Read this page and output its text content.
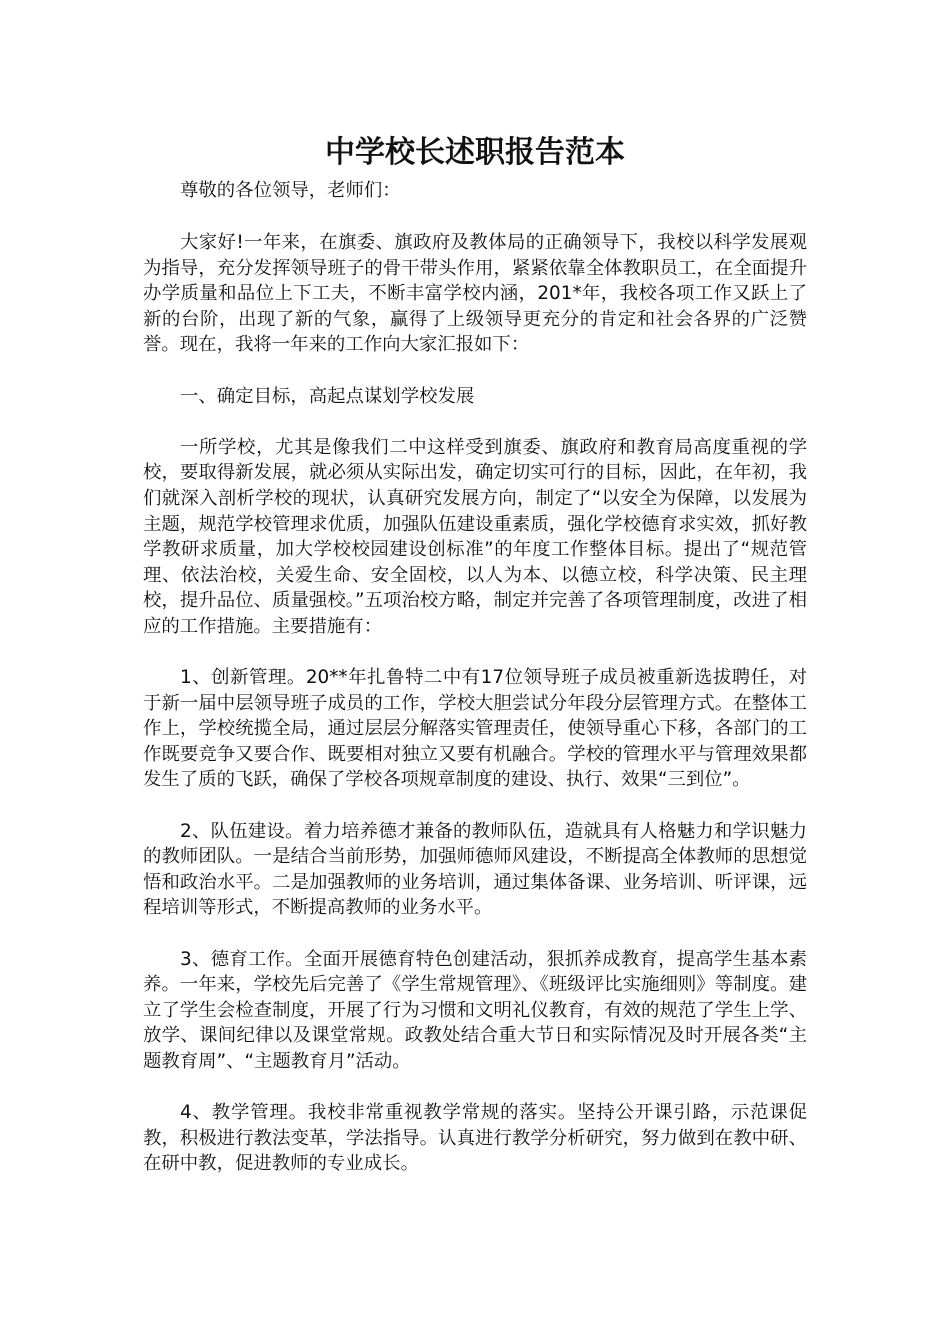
中学校长述职报告范本

尊敬的各位领导，老师们：

大家好!一年来，在旗委、旗政府及教体局的正确领导下，我校以科学发展观为指导，充分发挥领导班子的骨干带头作用，紧紧依靠全体教职员工，在全面提升办学质量和品位上下工夫，不断丰富学校内涵，201*年，我校各项工作又跃上了新的台阶，出现了新的气象，赢得了上级领导更充分的肯定和社会各界的广泛赞誉。现在，我将一年来的工作向大家汇报如下：

一、确定目标，高起点谋划学校发展

一所学校，尤其是像我们二中这样受到旗委、旗政府和教育局高度重视的学校，要取得新发展，就必须从实际出发，确定切实可行的目标，因此，在年初，我们就深入剖析学校的现状，认真研究发展方向，制定了“以安全为保障，以发展为主题，规范学校管理求优质，加强队伍建设重素质，强化学校德育求实效，抓好教学教研求质量，加大学校校园建设创标准”的年度工作整体目标。提出了“规范管理、依法治校，关爱生命、安全固校，以人为本、以德立校，科学决策、民主理校，提升品位、质量强校。”五项治校方略，制定并完善了各项管理制度，改进了相应的工作措施。主要措施有：

1、创新管理。20**年扎鲁特二中有17位领导班子成员被重新选拔聘任，对于新一届中层领导班子成员的工作，学校大胆尝试分年段分层管理方式。在整体工作上，学校统揽全局，通过层层分解落实管理责任，使领导重心下移，各部门的工作既要竞争又要合作、既要相对独立又要有机融合。学校的管理水平与管理效果都发生了质的飞跃，确保了学校各项规章制度的建设、执行、效果“三到位”。

2、队伍建设。着力培养德才兼备的教师队伍，造就具有人格魅力和学识魅力的教师团队。一是结合当前形势，加强师德师风建设，不断提高全体教师的思想觉悟和政治水平。二是加强教师的业务培训，通过集体备课、业务培训、听评课，远程培训等形式，不断提高教师的业务水平。

3、德育工作。全面开展德育特色创建活动，狠抓养成教育，提高学生基本素养。一年来，学校先后完善了《学生常规管理》、《班级评比实施细则》等制度。建立了学生会检查制度，开展了行为习惯和文明礼仪教育，有效的规范了学生上学、放学、课间纪律以及课堂常规。政教处结合重大节日和实际情况及时开展各类“主题教育周”、“主题教育月”活动。

4、教学管理。我校非常重视教学常规的落实。坚持公开课引路，示范课促教，积极进行教法变革，学法指导。认真进行教学分析研究，努力做到在教中研、在研中教，促进教师的专业成长。
